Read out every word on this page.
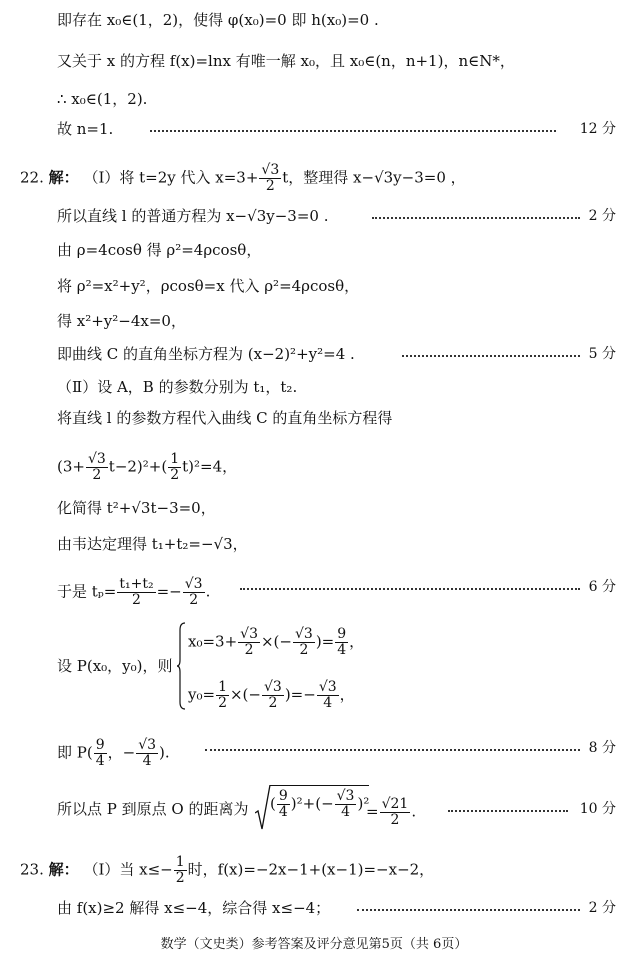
即存在 x₀∈(1，2)，使得 φ(x₀)=0 即 h(x₀)=0 .
又关于 x 的方程 f(x)=lnx 有唯一解 x₀，且 x₀∈(n，n+1)，n∈N*，
∴ x₀∈(1，2).
故 n=1.	12 分
22. 解： （Ⅰ）将 t=2y 代入 $x=3+ \frac{√3}{2}$ t，整理得 x−√3y−3=0 ，
所以直线 l 的普通方程为 x−√3y−3=0 .	2 分
由 ρ=4cosθ 得 ρ²=4ρcosθ，
将 ρ²=x²+y²，ρcosθ=x 代入 ρ²=4ρcosθ，
得 x²+y²−4x=0，
即曲线 C 的直角坐标方程为 (x−2)²+y²=4 .	5 分
（Ⅱ）设 A，B 的参数分别为 t₁，t₂.
将直线 l 的参数方程代入曲线 C 的直角坐标方程得
$(3+ \frac{√3}{2} t-2)^2+( \frac{1}{2} t)^2=4$，
化简得 t²+√3t−3=0，
由韦达定理得 t₁+t₂=−√3，
于是 $t_p= \frac{\text{t₁+t₂}}{2} =- \frac{√3}{2}$ .	6 分
设 P(x₀，y₀)，则
$x_0=3+ \frac{√3}{2}$ ×(− $\frac{√3}{2}$ )= $\frac{9}{4}$ ，
$y_0= \frac{1}{2}$ ×(− $\frac{√3}{2}$ )=− $\frac{√3}{4}$ ，
即 $P( \frac{9}{4}$ ，− $\frac{√3}{4}$ ).	8 分
所以点 P 到原点 O 的距离为 ( $\frac{9}{4} )^2+(- \frac{√3}{4} )^2$
= $\frac{√21}{2}$ .	10 分
23. 解： （Ⅰ）当 $x\le- \frac{1}{2}$ 时，f(x)=−2x−1+(x−1)=−x−2，
由 f(x)≥2 解得 x≤−4，综合得 x≤−4；	2 分
数学（文史类）参考答案及评分意见第5页（共 6页）
